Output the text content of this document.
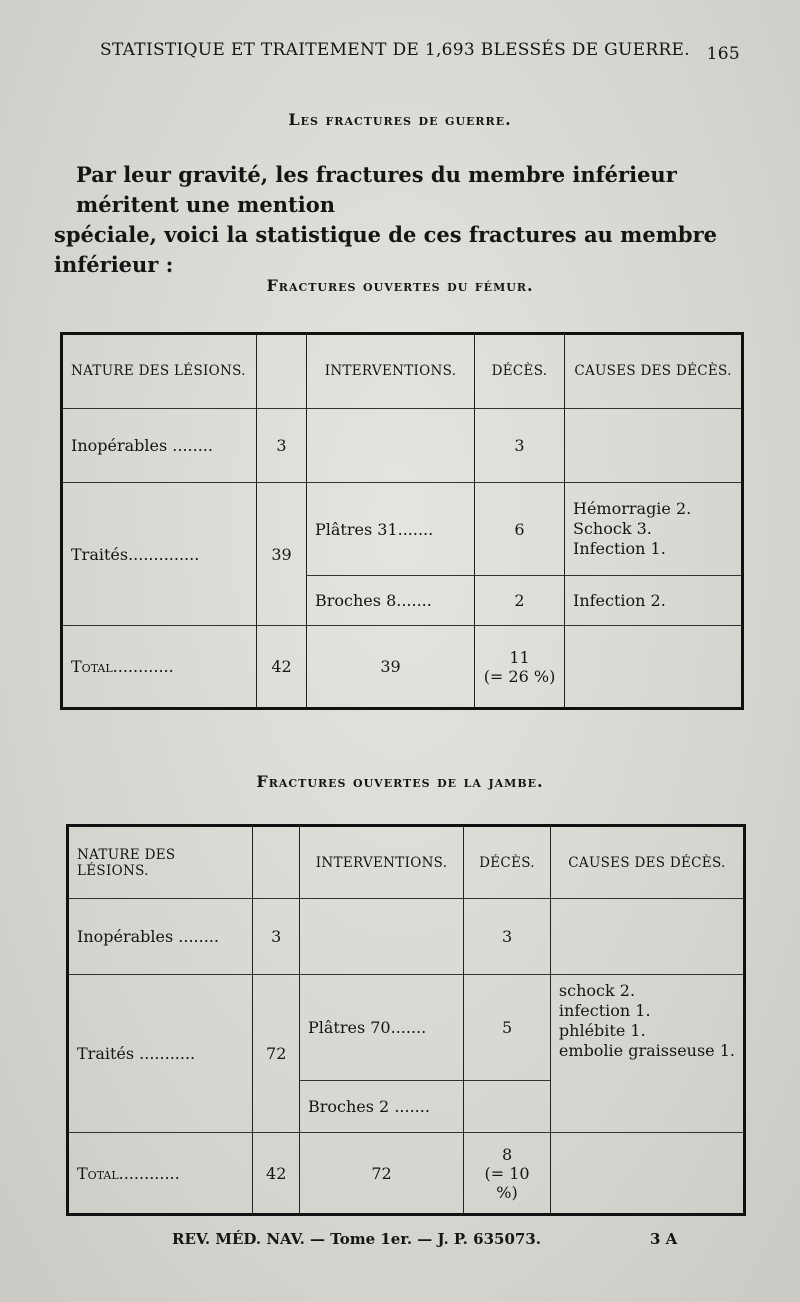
STATISTIQUE ET TRAITEMENT DE 1,693 BLESSÉS DE GUERRE. 165
Les fractures de guerre.
Par leur gravité, les fractures du membre inférieur méritent une mention
spéciale, voici la statistique de ces fractures au membre inférieur :
Fractures ouvertes du fémur.
NATURE DES LÉSIONS.		INTERVENTIONS.	DÉCÈS.	CAUSES DES DÉCÈS.
Inopérables ........	3		3	
Traités..............	39	Plâtres 31.......	6	Hémorragie 2.
Schock 3.
Infection 1.

		Broches 8.......	2	Infection 2.

Total............	42	39	11
(= 26 %)	

Fractures ouvertes de la jambe.
NATURE DES LÉSIONS.		INTERVENTIONS.	DÉCÈS.	CAUSES DES DÉCÈS.
Inopérables ........	3		3	
Traités ...........	72	Plâtres 70.......	5	schock 2.
infection 1.
phlébite 1.
embolie graisseuse 1.

		Broches 2 .......		
Total............	42	72	8
(= 10 %)	

REV. MÉD. NAV. — Tome 1er. — J. P. 635073.	3 A
